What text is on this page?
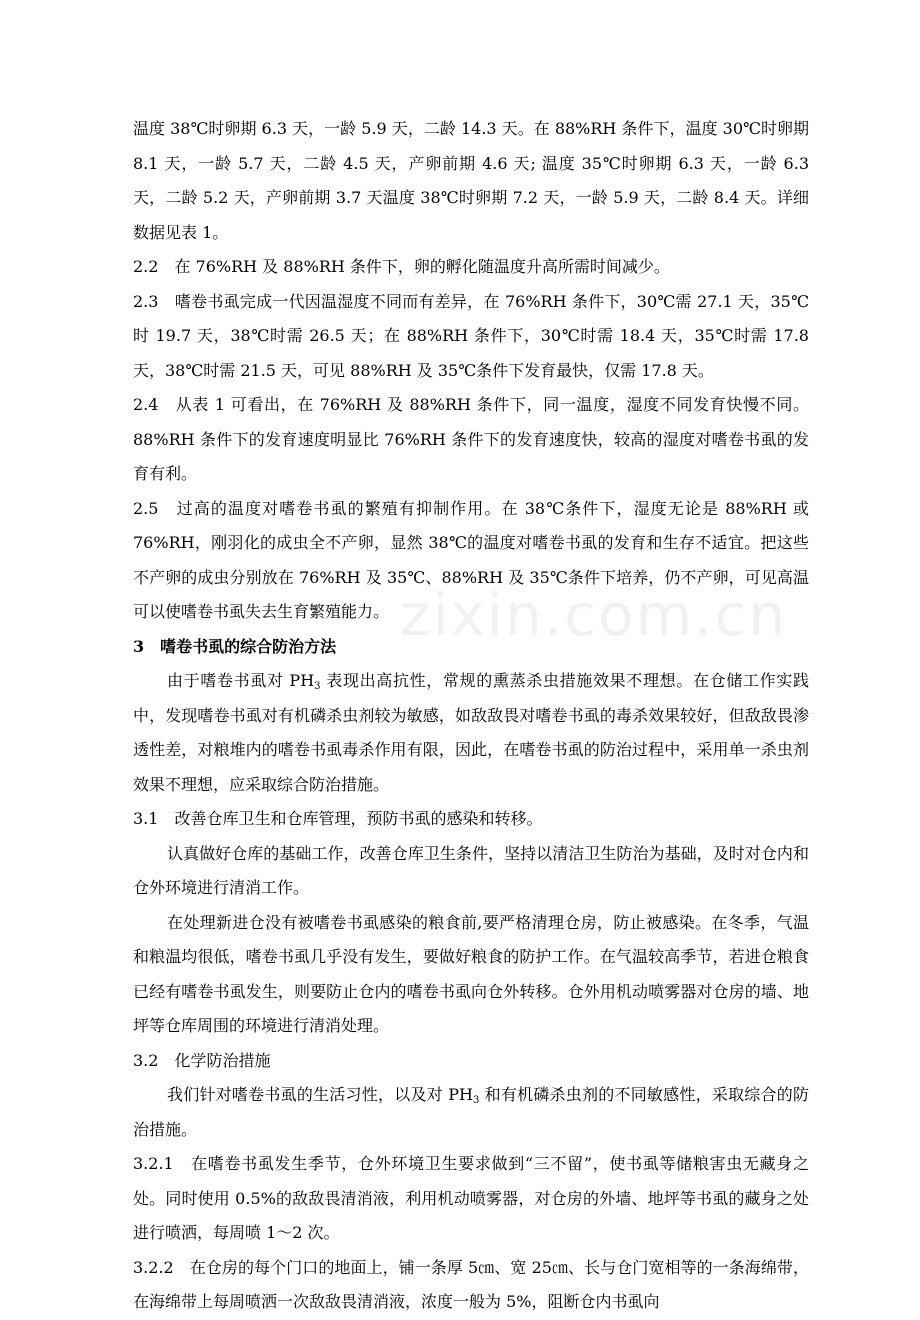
zixin.com.cn

温度 38℃时卵期 6.3 天，一龄 5.9 天，二龄 14.3 天。在 88%RH 条件下，温度 30℃时卵期 8.1 天，一龄 5.7 天，二龄 4.5 天，产卵前期 4.6 天; 温度 35℃时卵期 6.3 天，一龄 6.3 天，二龄 5.2 天，产卵前期 3.7 天温度 38℃时卵期 7.2 天，一龄 5.9 天，二龄 8.4 天。详细数据见表 1。

2.2　在 76%RH 及 88%RH 条件下，卵的孵化随温度升高所需时间减少。

2.3　嗜卷书虱完成一代因温湿度不同而有差异，在 76%RH 条件下，30℃需 27.1 天，35℃时 19.7 天，38℃时需 26.5 天；在 88%RH 条件下，30℃时需 18.4 天，35℃时需 17.8 天，38℃时需 21.5 天，可见 88%RH 及 35℃条件下发育最快，仅需 17.8 天。

2.4　从表 1 可看出，在 76%RH 及 88%RH 条件下，同一温度，湿度不同发育快慢不同。88%RH 条件下的发育速度明显比 76%RH 条件下的发育速度快，较高的湿度对嗜卷书虱的发育有利。

2.5　过高的温度对嗜卷书虱的繁殖有抑制作用。在 38℃条件下，湿度无论是 88%RH 或 76%RH，刚羽化的成虫全不产卵，显然 38℃的温度对嗜卷书虱的发育和生存不适宜。把这些不产卵的成虫分别放在 76%RH 及 35℃、88%RH 及 35℃条件下培养，仍不产卵，可见高温可以使嗜卷书虱失去生育繁殖能力。

3　嗜卷书虱的综合防治方法

由于嗜卷书虱对 $PH_3$ 表现出高抗性，常规的熏蒸杀虫措施效果不理想。在仓储工作实践中，发现嗜卷书虱对有机磷杀虫剂较为敏感，如敌敌畏对嗜卷书虱的毒杀效果较好，但敌敌畏渗透性差，对粮堆内的嗜卷书虱毒杀作用有限，因此，在嗜卷书虱的防治过程中，采用单一杀虫剂效果不理想，应采取综合防治措施。

3.1　改善仓库卫生和仓库管理，预防书虱的感染和转移。

认真做好仓库的基础工作，改善仓库卫生条件，坚持以清洁卫生防治为基础，及时对仓内和仓外环境进行清消工作。

在处理新进仓没有被嗜卷书虱感染的粮食前,要严格清理仓房，防止被感染。在冬季，气温和粮温均很低，嗜卷书虱几乎没有发生，要做好粮食的防护工作。在气温较高季节，若进仓粮食已经有嗜卷书虱发生，则要防止仓内的嗜卷书虱向仓外转移。仓外用机动喷雾器对仓房的墙、地坪等仓库周围的环境进行清消处理。

3.2　化学防治措施

我们针对嗜卷书虱的生活习性，以及对 $PH_3$ 和有机磷杀虫剂的不同敏感性，采取综合的防治措施。

3.2.1　在嗜卷书虱发生季节，仓外环境卫生要求做到“三不留”，使书虱等储粮害虫无藏身之处。同时使用 0.5%的敌敌畏清消液，利用机动喷雾器，对仓房的外墙、地坪等书虱的藏身之处进行喷洒，每周喷 1～2 次。

3.2.2　在仓房的每个门口的地面上，铺一条厚 5㎝、宽 25㎝、长与仓门宽相等的一条海绵带，在海绵带上每周喷洒一次敌敌畏清消液，浓度一般为 5%，阻断仓内书虱向
